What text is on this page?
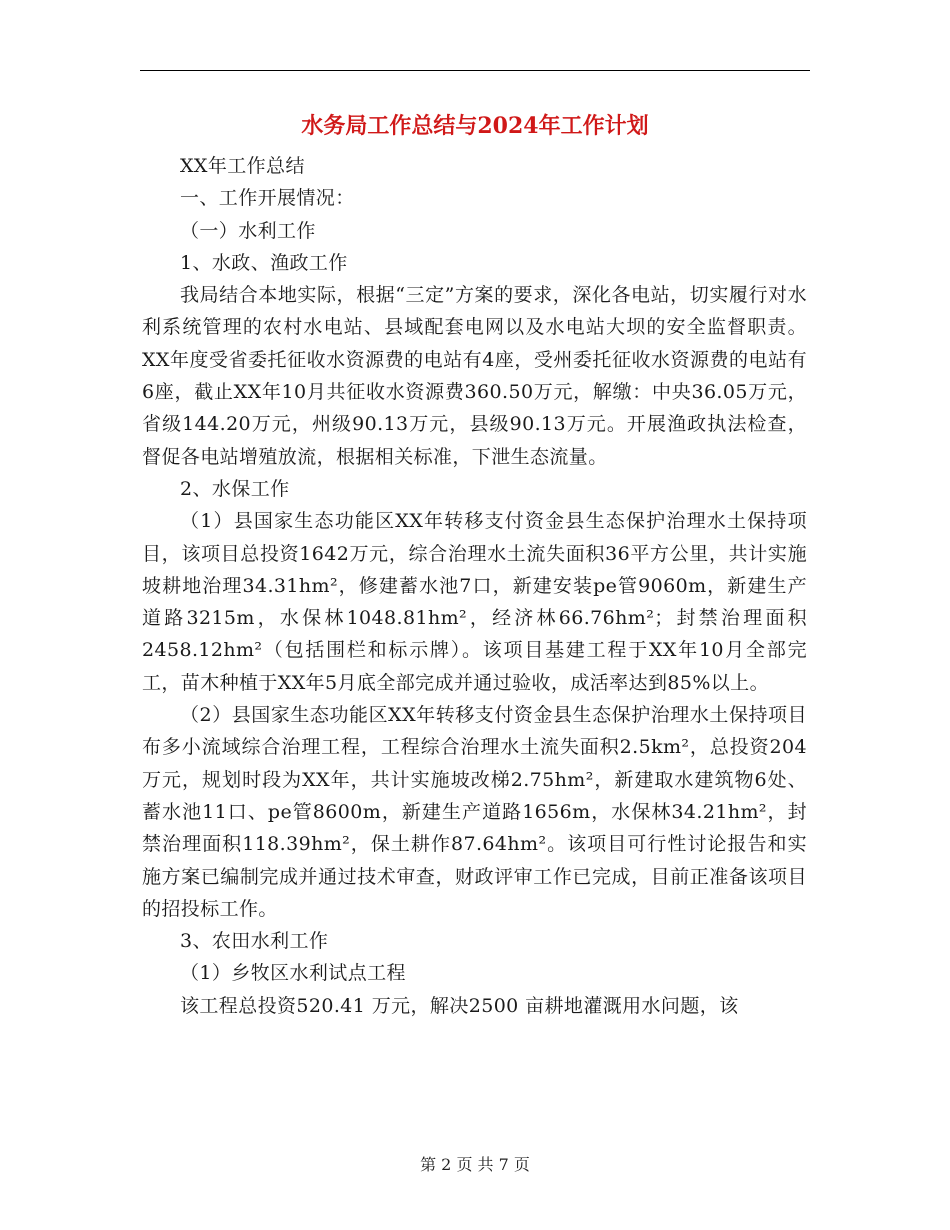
水务局工作总结与2024年工作计划

XX年工作总结

一、工作开展情况：

（一）水利工作

1、水政、渔政工作

我局结合本地实际，根据“三定”方案的要求，深化各电站，切实履行对水利系统管理的农村水电站、县域配套电网以及水电站大坝的安全监督职责。XX年度受省委托征收水资源费的电站有4座，受州委托征收水资源费的电站有6座，截止XX年10月共征收水资源费360.50万元，解缴：中央36.05万元，省级144.20万元，州级90.13万元，县级90.13万元。开展渔政执法检查，督促各电站增殖放流，根据相关标准，下泄生态流量。

2、水保工作

（1）县国家生态功能区XX年转移支付资金县生态保护治理水土保持项目，该项目总投资1642万元，综合治理水土流失面积36平方公里，共计实施坡耕地治理34.31hm²，修建蓄水池7口，新建安装pe管9060m，新建生产道路3215m，水保林1048.81hm²，经济林66.76hm²；封禁治理面积2458.12hm²（包括围栏和标示牌）。该项目基建工程于XX年10月全部完工，苗木种植于XX年5月底全部完成并通过验收，成活率达到85%以上。

（2）县国家生态功能区XX年转移支付资金县生态保护治理水土保持项目布多小流域综合治理工程，工程综合治理水土流失面积2.5km²，总投资204万元，规划时段为XX年，共计实施坡改梯2.75hm²，新建取水建筑物6处、蓄水池11口、pe管8600m，新建生产道路1656m，水保林34.21hm²，封禁治理面积118.39hm²，保土耕作87.64hm²。该项目可行性讨论报告和实施方案已编制完成并通过技术审查，财政评审工作已完成，目前正准备该项目的招投标工作。

3、农田水利工作

（1）乡牧区水利试点工程

该工程总投资520.41 万元，解决2500 亩耕地灌溉用水问题，该

第 2 页 共 7 页
